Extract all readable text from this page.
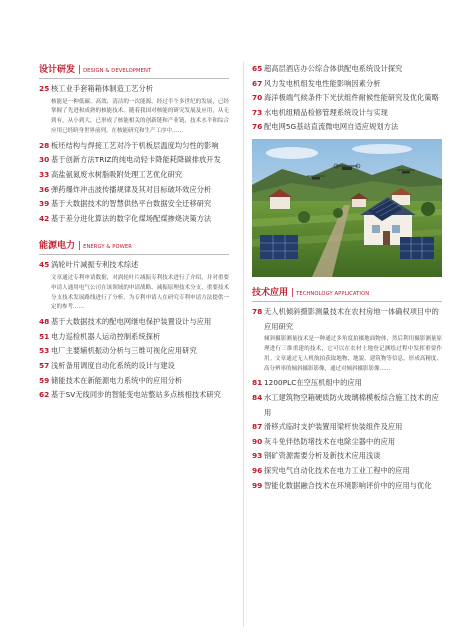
设计研发 | DESIGN & DEVELOPMENT
25 核工业手套箱箱体制造工艺分析
核能是一种低碳、高效、清洁的一次能源，经过半个多世纪的发展，已经掌握了先进和成熟的核能技术。随着我国对核能的研究发展及应用，从无到有，从小到大，已形成了核能相关的创新链和产业链，技术水平和综合应用已经跻身世界前列。在核能研究和生产工序中……
28 板坯结构与焊接工艺对冷干机板层温度均匀性的影响
30 基于创新方法TRIZ的纯电动轻卡降能耗降碳排放开发
33 高盐氨氮废水树脂吸附处理工艺优化研究
36 弹药爆炸冲击波传播规律及其对目标破坏效应分析
39 基于大数据技术的智慧供热平台数据安全迁移研究
42 基于差分进化算法的数字化煤场配煤掺烧决策方法
能源电力 | ENERGY & POWER
45 涡轮叶片减振专利技术综述
文章通过专利申请数据，对涡轮叶片减振专利技术进行了介绍，并对重要申请人通用电气公司在该领域的申请战略、减振原理技术分支、重要技术分支技术发展路线进行了分析，为专利申请人在研究专利申请方法提供一定的参考……
48 基于大数据技术的配电网继电保护装置设计与应用
51 电力巡检机器人运动控制系统探析
53 电厂主要辅机振动分析与三维可视化应用研究
57 浅析备用调度自动化系统的设计与建设
59 储能技术在新能源电力系统中的应用分析
62 基于SV无线同步的智能变电站整站多点核相技术研究
65 超高层酒店办公综合体供配电系统设计探究
67 风力发电机组发电性能影响因素分析
70 海洋极端气候条件下光伏组件耐候性能研究及优化策略
73 水电机组精品检修管理系统设计与实现
76 配电网5G基站直流微电网自适应规划方法
技术应用 | TECHNOLOGY APPLICATION
78 无人机倾斜摄影测量技术在农村房地一体确权项目中的应用研究
倾斜摄影测量技术是一种通过多角度拍摄地面物体，然后利用摄影测量原理进行三维重建的技术，它可以在农村土地登记测绘过程中发挥重要作用。文章通过无人机航拍获取地物、地貌、建筑物等信息，形成高精度、高分辨率的倾斜摄影影像，通过对倾斜摄影影像……
81 1200PLC在空压机组中的应用
84 水工建筑物空箱硬质防火玻璃棉模板综合施工技术的应用
87 滑移式临时支护装置用梁杆快装组件及应用
90 灰斗免伴热防堵技术在电除尘器中的应用
93 钢矿资源需要分析及新技术应用浅谈
96 探究电气自动化技术在电力工业工程中的应用
99 智能化数据融合技术在环境影响评价中的应用与优化
